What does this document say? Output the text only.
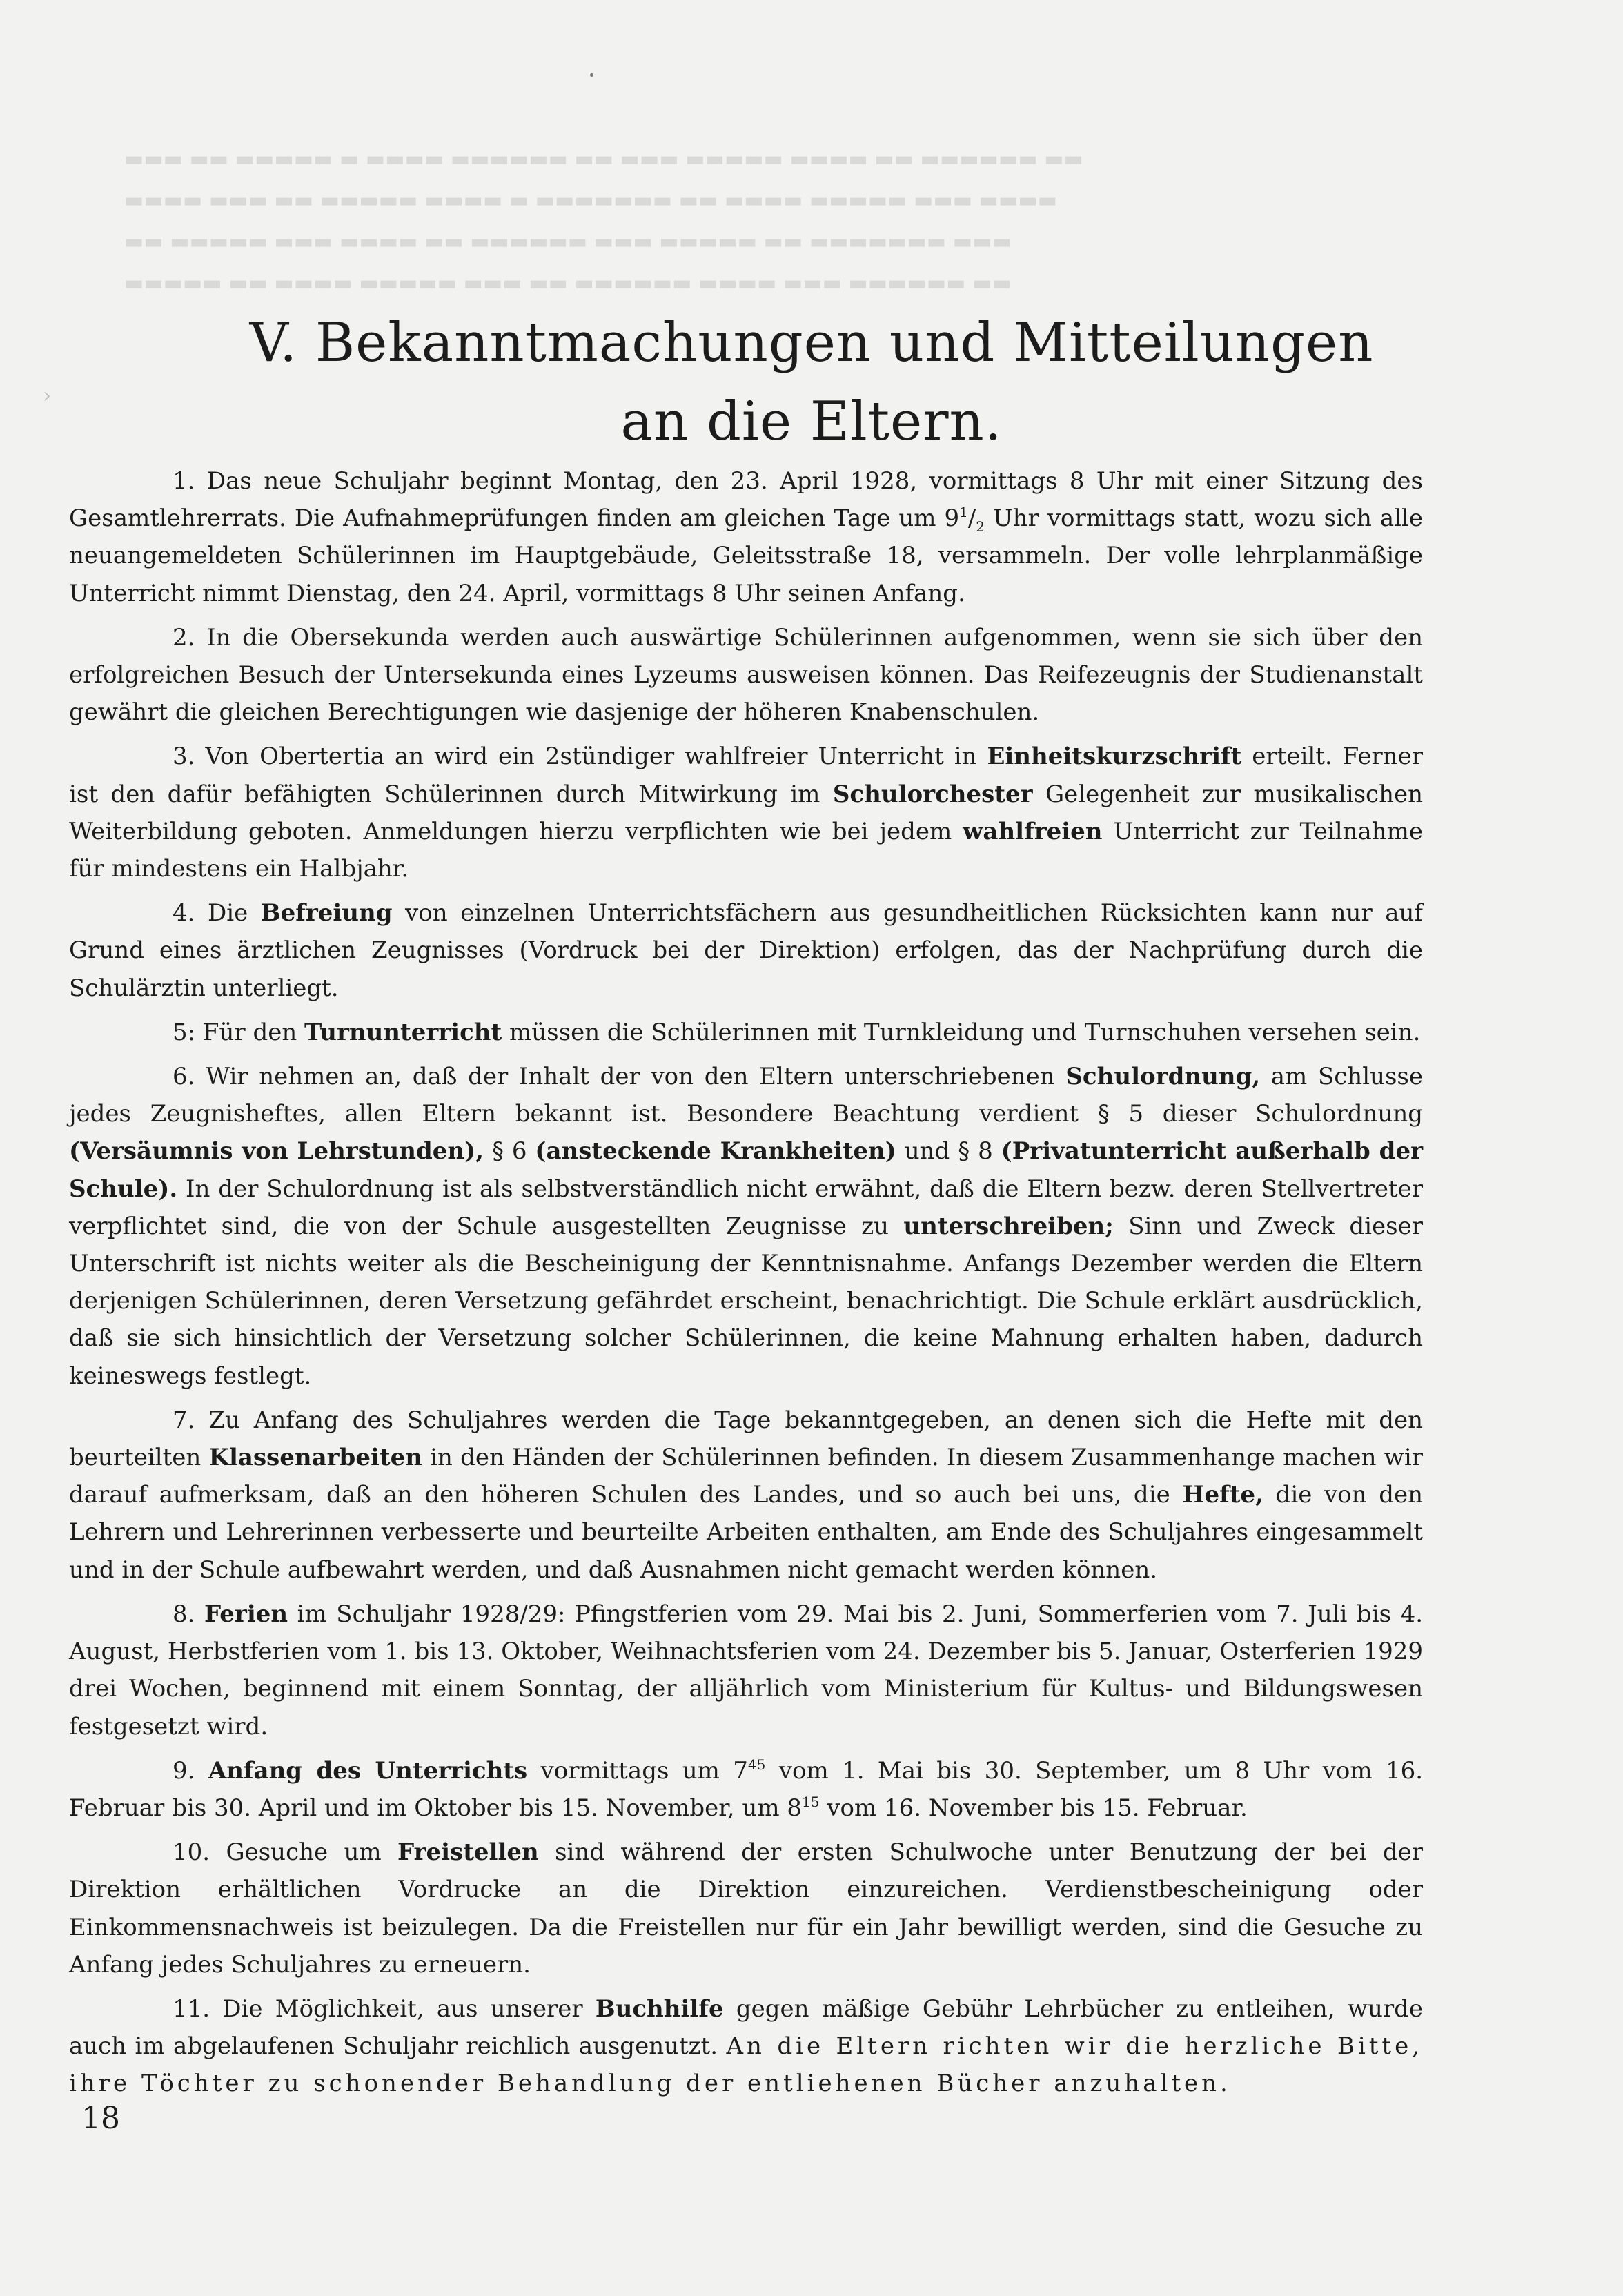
▬▬▬ ▬▬ ▬▬▬▬▬ ▬ ▬▬▬▬ ▬▬▬▬▬▬ ▬▬ ▬▬▬ ▬▬▬▬▬ ▬▬▬▬ ▬▬ ▬▬▬▬▬▬ ▬▬
▬▬▬▬ ▬▬▬ ▬▬ ▬▬▬▬▬ ▬▬▬▬ ▬ ▬▬▬▬▬▬▬ ▬▬ ▬▬▬▬ ▬▬▬▬▬ ▬▬▬ ▬▬▬▬
▬▬ ▬▬▬▬▬ ▬▬▬ ▬▬▬▬ ▬▬ ▬▬▬▬▬▬ ▬▬▬ ▬▬▬▬▬ ▬▬ ▬▬▬▬▬▬▬ ▬▬▬
▬▬▬▬▬ ▬▬ ▬▬▬▬ ▬▬▬▬▬ ▬▬▬ ▬▬ ▬▬▬▬▬▬ ▬▬▬▬ ▬▬▬ ▬▬▬▬▬▬ ▬▬
›
V. Bekanntmachungen und Mitteilungen
an die Eltern.

1. Das neue Schuljahr beginnt Montag, den 23. April 1928, vormittags 8 Uhr mit einer Sitzung des Gesamtlehrerrats. Die Aufnahmeprüfungen finden am gleichen Tage um $9^1/_2$ Uhr vormittags statt, wozu sich alle neuangemeldeten Schülerinnen im Hauptgebäude, Geleitsstraße 18, versammeln. Der volle lehrplanmäßige Unterricht nimmt Dienstag, den 24. April, vormittags 8 Uhr seinen Anfang.

2. In die Obersekunda werden auch auswärtige Schülerinnen aufgenommen, wenn sie sich über den erfolgreichen Besuch der Untersekunda eines Lyzeums ausweisen können. Das Reifezeugnis der Studienanstalt gewährt die gleichen Berechtigungen wie dasjenige der höheren Knabenschulen.

3. Von Obertertia an wird ein 2stündiger wahlfreier Unterricht in Einheitskurzschrift erteilt. Ferner ist den dafür befähigten Schülerinnen durch Mitwirkung im Schulorchester Gelegenheit zur musikalischen Weiterbildung geboten. Anmeldungen hierzu verpflichten wie bei jedem wahlfreien Unterricht zur Teilnahme für mindestens ein Halbjahr.

4. Die Befreiung von einzelnen Unterrichtsfächern aus gesundheitlichen Rücksichten kann nur auf Grund eines ärztlichen Zeugnisses (Vordruck bei der Direktion) erfolgen, das der Nachprüfung durch die Schulärztin unterliegt.

5: Für den Turnunterricht müssen die Schülerinnen mit Turnkleidung und Turnschuhen versehen sein.

6. Wir nehmen an, daß der Inhalt der von den Eltern unterschriebenen Schulordnung, am Schlusse jedes Zeugnisheftes, allen Eltern bekannt ist. Besondere Beachtung verdient § 5 dieser Schulordnung (Versäumnis von Lehrstunden), § 6 (ansteckende Krankheiten) und § 8 (Privatunterricht außerhalb der Schule). In der Schulordnung ist als selbstverständlich nicht erwähnt, daß die Eltern bezw. deren Stellvertreter verpflichtet sind, die von der Schule ausgestellten Zeugnisse zu unterschreiben; Sinn und Zweck dieser Unterschrift ist nichts weiter als die Bescheinigung der Kenntnisnahme. Anfangs Dezember werden die Eltern derjenigen Schülerinnen, deren Versetzung gefährdet erscheint, benachrichtigt. Die Schule erklärt ausdrücklich, daß sie sich hinsichtlich der Versetzung solcher Schülerinnen, die keine Mahnung erhalten haben, dadurch keineswegs festlegt.

7. Zu Anfang des Schuljahres werden die Tage bekanntgegeben, an denen sich die Hefte mit den beurteilten Klassenarbeiten in den Händen der Schülerinnen befinden. In diesem Zusammenhange machen wir darauf aufmerksam, daß an den höheren Schulen des Landes, und so auch bei uns, die Hefte, die von den Lehrern und Lehrerinnen verbesserte und beurteilte Arbeiten enthalten, am Ende des Schuljahres eingesammelt und in der Schule aufbewahrt werden, und daß Ausnahmen nicht gemacht werden können.

8. Ferien im Schuljahr 1928/29: Pfingstferien vom 29. Mai bis 2. Juni, Sommerferien vom 7. Juli bis 4. August, Herbstferien vom 1. bis 13. Oktober, Weihnachtsferien vom 24. Dezember bis 5. Januar, Osterferien 1929 drei Wochen, beginnend mit einem Sonntag, der alljährlich vom Ministerium für Kultus- und Bildungswesen festgesetzt wird.

9. Anfang des Unterrichts vormittags um $7^{45}$ vom 1. Mai bis 30. September, um 8 Uhr vom 16. Februar bis 30. April und im Oktober bis 15. November, um $8^{15}$ vom 16. November bis 15. Februar.

10. Gesuche um Freistellen sind während der ersten Schulwoche unter Benutzung der bei der Direktion erhältlichen Vordrucke an die Direktion einzureichen. Verdienstbescheinigung oder Einkommensnachweis ist beizulegen. Da die Freistellen nur für ein Jahr bewilligt werden, sind die Gesuche zu Anfang jedes Schuljahres zu erneuern.

11. Die Möglichkeit, aus unserer Buchhilfe gegen mäßige Gebühr Lehrbücher zu entleihen, wurde auch im abgelaufenen Schuljahr reichlich ausgenutzt. An die Eltern richten wir die herzliche Bitte, ihre Töchter zu schonender Behandlung der entliehenen Bücher anzuhalten.

18
